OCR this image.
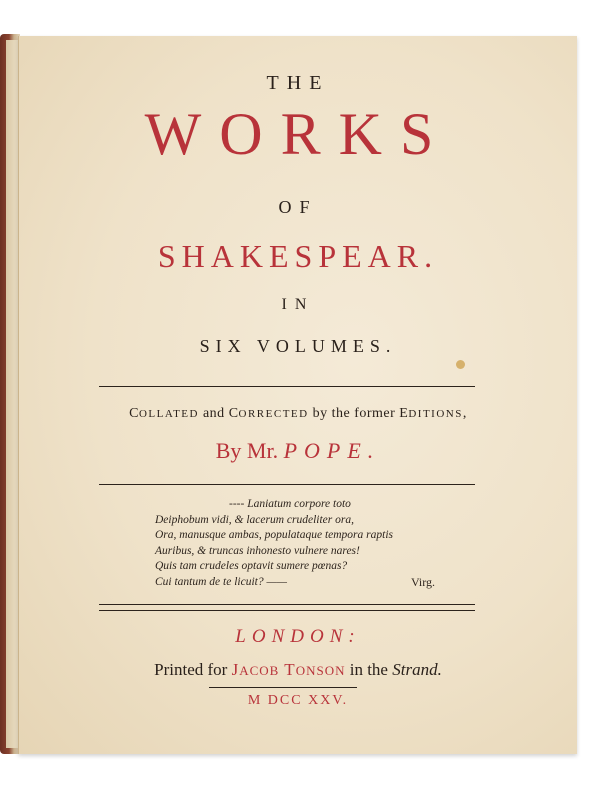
THE
WORKS
OF
SHAKESPEAR.
IN
SIX VOLUMES.
COLLATED and CORRECTED by the former EDITIONS,
By Mr. POPE.
---- Laniatum corpore toto
Deiphobum vidi, & lacerum crudeliter ora,
Ora, manusque ambas, populataque tempora raptis
Auribus, & truncas inhonesto vulnere nares!
Quis tam crudeles optavit sumere pœnas?
Cui tantum de te licuit? ——	Virg.
LONDON:
Printed for JACOB TONSON in the Strand.
M DCC XXV.
